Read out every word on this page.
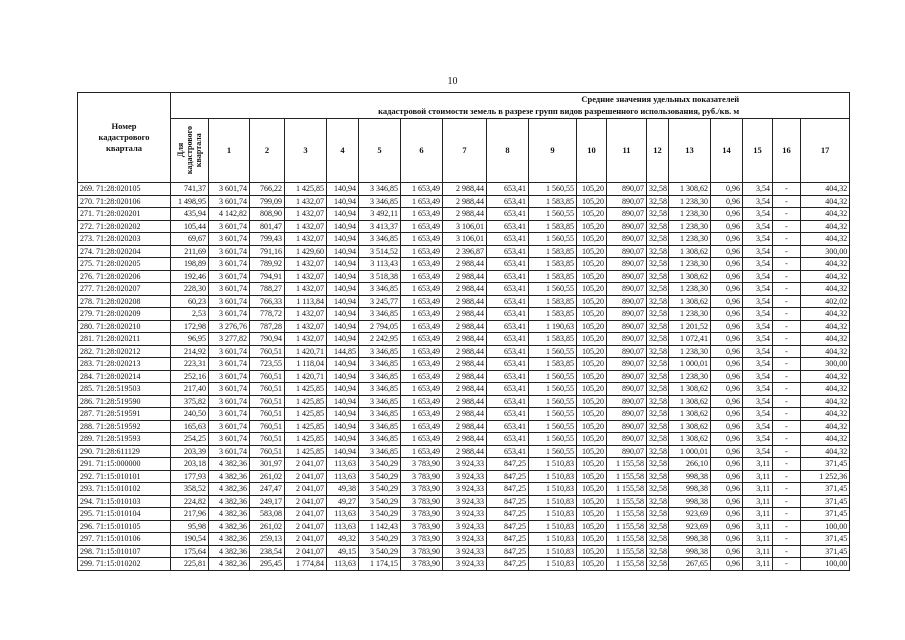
10
Номер
кадастрового
квартала	Средние значения удельных показателей
кадастровой стоимости земель в разрезе групп видов разрешенного использования, руб./кв. м																	

	Для
кадастрового
квартала	1	2	3	4	5	6	7	8	9	10	11	12	13	14	15	16	17
269. 71:28:020105	741,37	3 601,74	766,22	1 425,85	140,94	3 346,85	1 653,49	2 988,44	653,41	1 560,55	105,20	890,07	32,58	1 308,62	0,96	3,54	-	404,32
270. 71:28:020106	1 498,95	3 601,74	799,09	1 432,07	140,94	3 346,85	1 653,49	2 988,44	653,41	1 583,85	105,20	890,07	32,58	1 238,30	0,96	3,54	-	404,32
271. 71:28:020201	435,94	4 142,82	808,90	1 432,07	140,94	3 492,11	1 653,49	2 988,44	653,41	1 560,55	105,20	890,07	32,58	1 238,30	0,96	3,54	-	404,32
272. 71:28:020202	105,44	3 601,74	801,47	1 432,07	140,94	3 413,37	1 653,49	3 106,01	653,41	1 583,85	105,20	890,07	32,58	1 238,30	0,96	3,54	-	404,32
273. 71:28:020203	69,67	3 601,74	799,43	1 432,07	140,94	3 346,85	1 653,49	3 106,01	653,41	1 560,55	105,20	890,07	32,58	1 238,30	0,96	3,54	-	404,32
274. 71:28:020204	211,69	3 601,74	791,16	1 429,60	140,94	3 514,52	1 653,49	2 396,87	653,41	1 583,85	105,20	890,07	32,58	1 308,62	0,96	3,54	-	300,00
275. 71:28:020205	198,89	3 601,74	789,92	1 432,07	140,94	3 113,43	1 653,49	2 988,44	653,41	1 583,85	105,20	890,07	32,58	1 238,30	0,96	3,54	-	404,32
276. 71:28:020206	192,46	3 601,74	794,91	1 432,07	140,94	3 518,38	1 653,49	2 988,44	653,41	1 583,85	105,20	890,07	32,58	1 308,62	0,96	3,54	-	404,32
277. 71:28:020207	228,30	3 601,74	788,27	1 432,07	140,94	3 346,85	1 653,49	2 988,44	653,41	1 560,55	105,20	890,07	32,58	1 238,30	0,96	3,54	-	404,32
278. 71:28:020208	60,23	3 601,74	766,33	1 113,84	140,94	3 245,77	1 653,49	2 988,44	653,41	1 583,85	105,20	890,07	32,58	1 308,62	0,96	3,54	-	402,02
279. 71:28:020209	2,53	3 601,74	778,72	1 432,07	140,94	3 346,85	1 653,49	2 988,44	653,41	1 583,85	105,20	890,07	32,58	1 238,30	0,96	3,54	-	404,32
280. 71:28:020210	172,98	3 276,76	787,28	1 432,07	140,94	2 794,05	1 653,49	2 988,44	653,41	1 190,63	105,20	890,07	32,58	1 201,52	0,96	3,54	-	404,32
281. 71:28:020211	96,95	3 277,82	790,94	1 432,07	140,94	2 242,95	1 653,49	2 988,44	653,41	1 583,85	105,20	890,07	32,58	1 072,41	0,96	3,54	-	404,32
282. 71:28:020212	214,92	3 601,74	760,51	1 420,71	144,85	3 346,85	1 653,49	2 988,44	653,41	1 560,55	105,20	890,07	32,58	1 238,30	0,96	3,54	-	404,32
283. 71:28:020213	223,31	3 601,74	723,55	1 118,04	140,94	3 346,85	1 653,49	2 988,44	653,41	1 583,85	105,20	890,07	32,58	1 000,01	0,96	3,54	-	300,00
284. 71:28:020214	252,16	3 601,74	760,51	1 420,71	140,94	3 346,85	1 653,49	2 988,44	653,41	1 560,55	105,20	890,07	32,58	1 238,30	0,96	3,54	-	404,32
285. 71:28:519503	217,40	3 601,74	760,51	1 425,85	140,94	3 346,85	1 653,49	2 988,44	653,41	1 560,55	105,20	890,07	32,58	1 308,62	0,96	3,54	-	404,32
286. 71:28:519590	375,82	3 601,74	760,51	1 425,85	140,94	3 346,85	1 653,49	2 988,44	653,41	1 560,55	105,20	890,07	32,58	1 308,62	0,96	3,54	-	404,32
287. 71:28:519591	240,50	3 601,74	760,51	1 425,85	140,94	3 346,85	1 653,49	2 988,44	653,41	1 560,55	105,20	890,07	32,58	1 308,62	0,96	3,54	-	404,32
288. 71:28:519592	165,63	3 601,74	760,51	1 425,85	140,94	3 346,85	1 653,49	2 988,44	653,41	1 560,55	105,20	890,07	32,58	1 308,62	0,96	3,54	-	404,32
289. 71:28:519593	254,25	3 601,74	760,51	1 425,85	140,94	3 346,85	1 653,49	2 988,44	653,41	1 560,55	105,20	890,07	32,58	1 308,62	0,96	3,54	-	404,32
290. 71:28:611129	203,39	3 601,74	760,51	1 425,85	140,94	3 346,85	1 653,49	2 988,44	653,41	1 560,55	105,20	890,07	32,58	1 000,01	0,96	3,54	-	404,32
291. 71:15:000000	203,18	4 382,36	301,97	2 041,07	113,63	3 540,29	3 783,90	3 924,33	847,25	1 510,83	105,20	1 155,58	32,58	266,10	0,96	3,11	-	371,45
292. 71:15:010101	177,93	4 382,36	261,02	2 041,07	113,63	3 540,29	3 783,90	3 924,33	847,25	1 510,83	105,20	1 155,58	32,58	998,38	0,96	3,11	-	1 252,36
293. 71:15:010102	358,52	4 382,36	247,47	2 041,07	49,38	3 540,29	3 783,90	3 924,33	847,25	1 510,83	105,20	1 155,58	32,58	998,38	0,96	3,11	-	371,45
294. 71:15:010103	224,82	4 382,36	249,17	2 041,07	49,27	3 540,29	3 783,90	3 924,33	847,25	1 510,83	105,20	1 155,58	32,58	998,38	0,96	3,11	-	371,45
295. 71:15:010104	217,96	4 382,36	583,08	2 041,07	113,63	3 540,29	3 783,90	3 924,33	847,25	1 510,83	105,20	1 155,58	32,58	923,69	0,96	3,11	-	371,45
296. 71:15:010105	95,98	4 382,36	261,02	2 041,07	113,63	1 142,43	3 783,90	3 924,33	847,25	1 510,83	105,20	1 155,58	32,58	923,69	0,96	3,11	-	100,00
297. 71:15:010106	190,54	4 382,36	259,13	2 041,07	49,32	3 540,29	3 783,90	3 924,33	847,25	1 510,83	105,20	1 155,58	32,58	998,38	0,96	3,11	-	371,45
298. 71:15:010107	175,64	4 382,36	238,54	2 041,07	49,15	3 540,29	3 783,90	3 924,33	847,25	1 510,83	105,20	1 155,58	32,58	998,38	0,96	3,11	-	371,45
299. 71:15:010202	225,81	4 382,36	295,45	1 774,84	113,63	1 174,15	3 783,90	3 924,33	847,25	1 510,83	105,20	1 155,58	32,58	267,65	0,96	3,11	-	100,00
